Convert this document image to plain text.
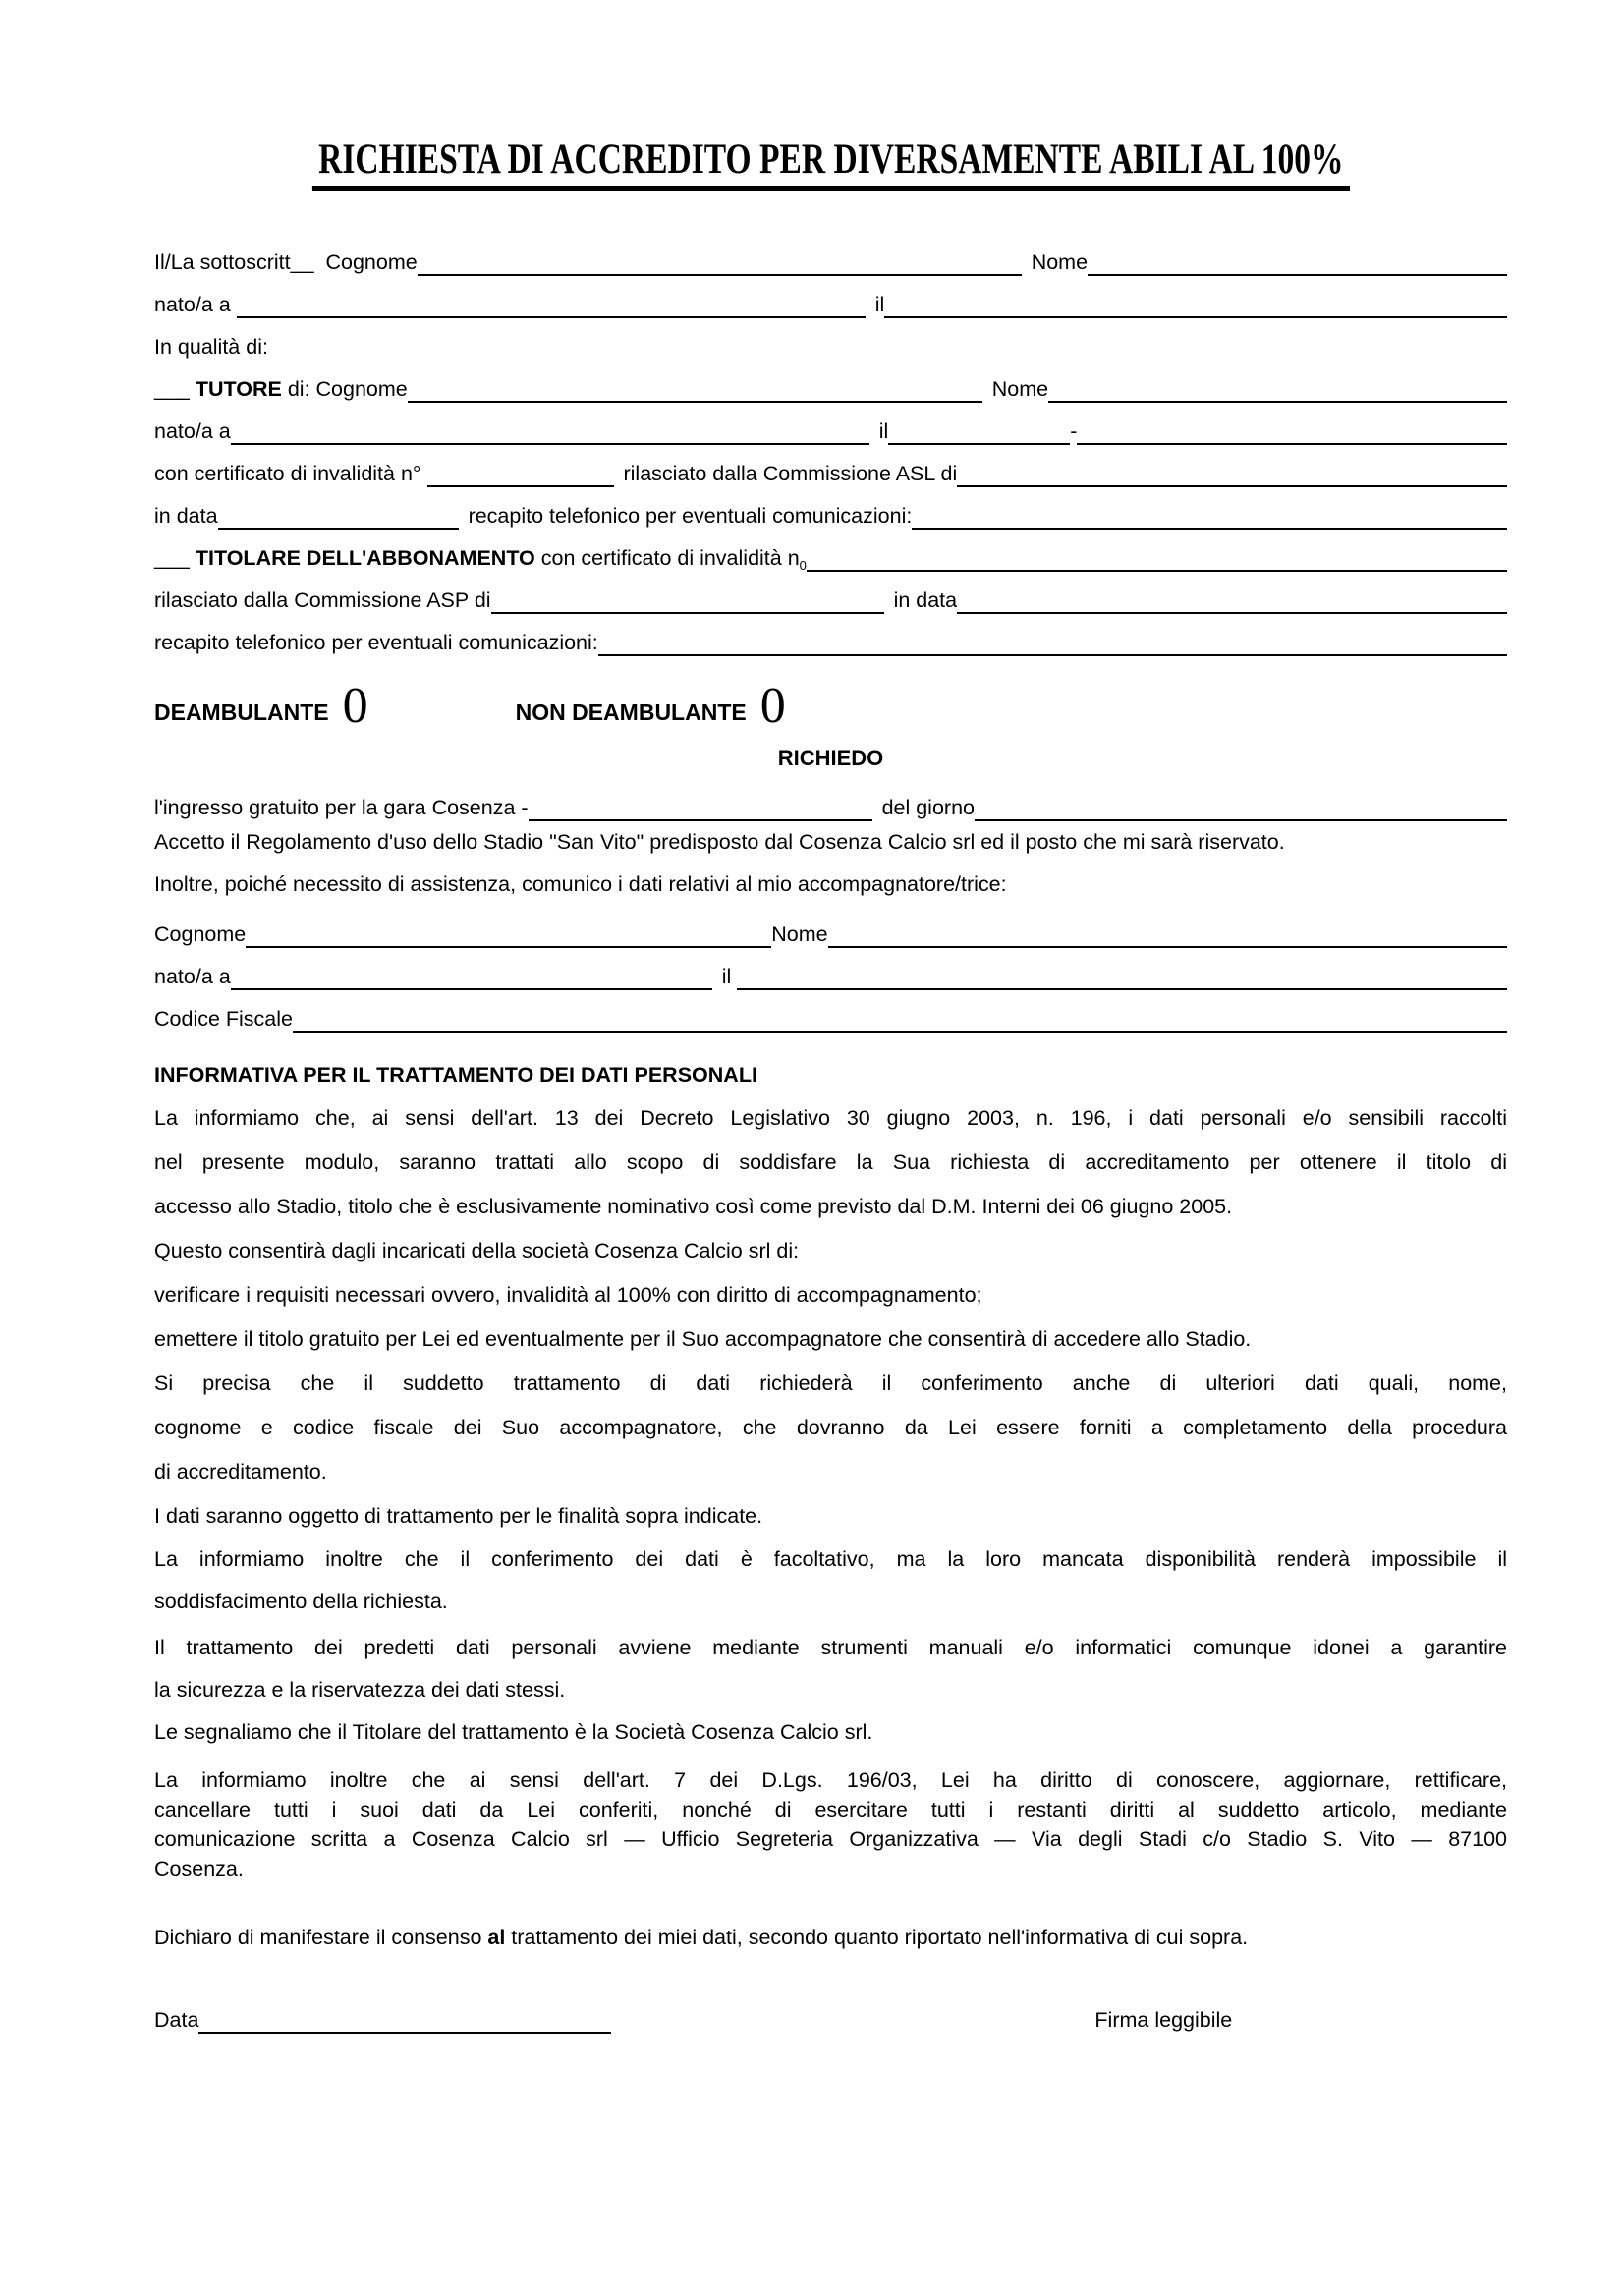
RICHIESTA DI ACCREDITO PER DIVERSAMENTE ABILI AL 100%
Il/La sottoscritt__  Cognome	Nome
nato/a a	il
In qualità di:
___ TUTORE di: Cognome	Nome
nato/a a	il	-
con certificato di invalidità n °	rilasciato dalla Commissione ASL di
in data	recapito telefonico per eventuali comunicazioni:
___ TITOLARE DELL'ABBONAMENTO con certificato di invalidità $n_0$
rilasciato dalla Commissione ASP di	in data
recapito telefonico per eventuali comunicazioni:
DEAMBULANTE 0	NON DEAMBULANTE 0
RICHIEDO
l'ingresso gratuito per la gara Cosenza -	del giorno
Accetto il Regolamento d'uso dello Stadio "San Vito" predisposto dal Cosenza Calcio srl ed il posto che mi sarà riservato.
Inoltre, poiché necessito di assistenza, comunico i dati relativi al mio accompagnatore/trice:
Cognome	Nome
nato/a a	il
Codice Fiscale
INFORMATIVA PER IL TRATTAMENTO DEI DATI PERSONALI
La informiamo che, ai sensi dell'art. 13 dei Decreto Legislativo 30 giugno 2003, n. 196, i dati personali e/o sensibili raccolti
nel presente modulo, saranno trattati allo scopo di soddisfare la Sua richiesta di accreditamento per ottenere il titolo di
accesso allo Stadio, titolo che è esclusivamente nominativo così come previsto dal D.M. Interni dei 06 giugno 2005.
Questo consentirà dagli incaricati della società Cosenza Calcio srl di:
verificare i requisiti necessari ovvero, invalidità al 100% con diritto di accompagnamento;
emettere il titolo gratuito per Lei ed eventualmente per il Suo accompagnatore che consentirà di accedere allo Stadio.
Si precisa che il suddetto trattamento di dati richiederà il conferimento anche di ulteriori dati quali, nome,
cognome e codice fiscale dei Suo accompagnatore, che dovranno da Lei essere forniti a completamento della procedura
di accreditamento.
I dati saranno oggetto di trattamento per le finalità sopra indicate.
La informiamo inoltre che il conferimento dei dati è facoltativo, ma la loro mancata disponibilità renderà impossibile il
soddisfacimento della richiesta.
Il trattamento dei predetti dati personali avviene mediante strumenti manuali e/o informatici comunque idonei a garantire
la sicurezza e la riservatezza dei dati stessi.
Le segnaliamo che il Titolare del trattamento è la Società Cosenza Calcio srl.
La informiamo inoltre che ai sensi dell'art. 7 dei D.Lgs. 196/03, Lei ha diritto di conoscere, aggiornare, rettificare,
cancellare tutti i suoi dati da Lei conferiti, nonché di esercitare tutti i restanti diritti al suddetto articolo, mediante
comunicazione scritta a Cosenza Calcio srl — Ufficio Segreteria Organizzativa — Via degli Stadi c/o Stadio S. Vito — 87100
Cosenza.
Dichiaro di manifestare il consenso al trattamento dei miei dati, secondo quanto riportato nell'informativa di cui sopra.
Data	Firma leggibile
